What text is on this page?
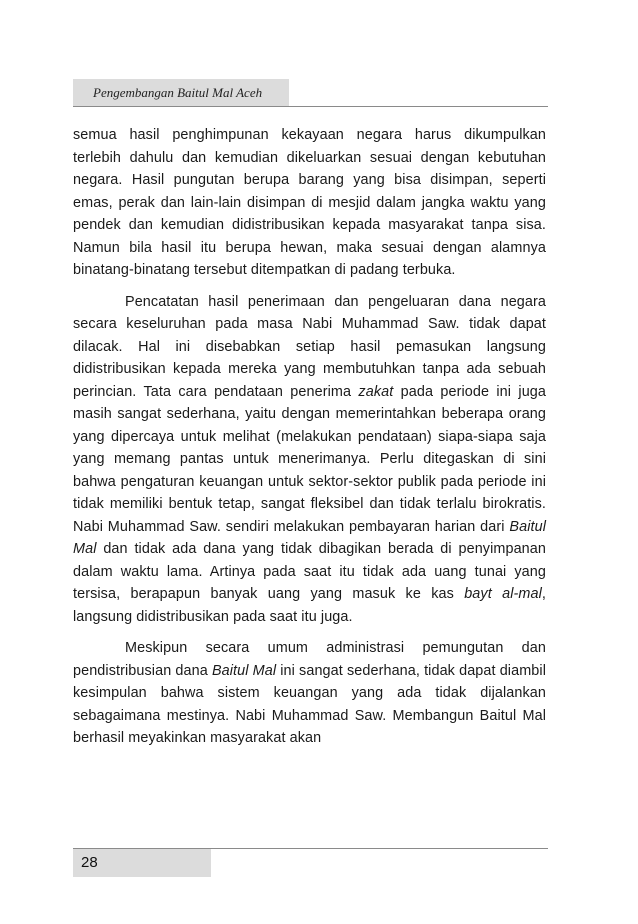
Pengembangan Baitul Mal Aceh

semua hasil penghimpunan kekayaan negara harus dikumpulkan terlebih dahulu dan kemudian dikeluarkan sesuai dengan kebutuhan negara. Hasil pungutan berupa barang yang bisa disimpan, seperti emas, perak dan lain-lain disimpan di mesjid dalam jangka waktu yang pendek dan kemudian didistribusikan kepada masyarakat tanpa sisa. Namun bila hasil itu berupa hewan, maka sesuai dengan alamnya binatang-binatang tersebut ditempatkan di padang terbuka.

Pencatatan hasil penerimaan dan pengeluaran dana negara secara keseluruhan pada masa Nabi Muhammad Saw. tidak dapat dilacak. Hal ini disebabkan setiap hasil pemasukan langsung didistribusikan kepada mereka yang membutuhkan tanpa ada sebuah perincian. Tata cara pendataan penerima zakat pada periode ini juga masih sangat sederhana, yaitu dengan memerintahkan beberapa orang yang dipercaya untuk melihat (melakukan pendataan) siapa-siapa saja yang memang pantas untuk menerimanya. Perlu ditegaskan di sini bahwa pengaturan keuangan untuk sektor-sektor publik pada periode ini tidak memiliki bentuk tetap, sangat fleksibel dan tidak terlalu birokratis. Nabi Muhammad Saw. sendiri melakukan pembayaran harian dari Baitul Mal dan tidak ada dana yang tidak dibagikan berada di penyimpanan dalam waktu lama. Artinya pada saat itu tidak ada uang tunai yang tersisa, berapapun banyak uang yang masuk ke kas bayt al-mal, langsung didistribusikan pada saat itu juga.

Meskipun secara umum administrasi pemungutan dan pendistribusian dana Baitul Mal ini sangat sederhana, tidak dapat diambil kesimpulan bahwa sistem keuangan yang ada tidak dijalankan sebagaimana mestinya. Nabi Muhammad Saw. Membangun Baitul Mal berhasil meyakinkan masyarakat akan

28
